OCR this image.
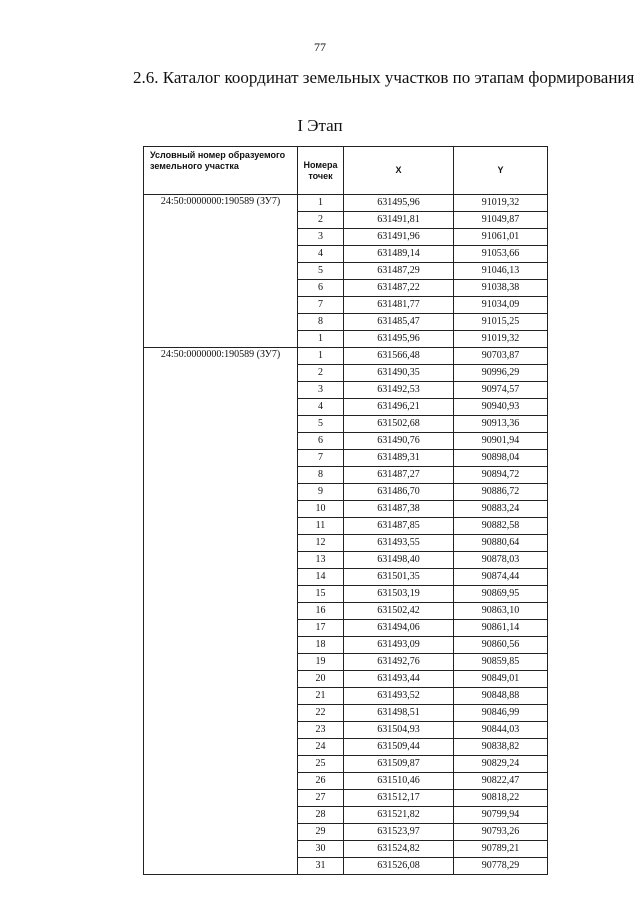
77
2.6. Каталог координат земельных участков по этапам формирования
I Этап
Условный номер образуемого земельного участка	Номера точек	X	Y
24:50:0000000:190589 (ЗУ7)	1	631495,96	91019,32
	2	631491,81	91049,87
	3	631491,96	91061,01
	4	631489,14	91053,66
	5	631487,29	91046,13
	6	631487,22	91038,38
	7	631481,77	91034,09
	8	631485,47	91015,25
	1	631495,96	91019,32
24:50:0000000:190589 (ЗУ7)	1	631566,48	90703,87
	2	631490,35	90996,29
	3	631492,53	90974,57
	4	631496,21	90940,93
	5	631502,68	90913,36
	6	631490,76	90901,94
	7	631489,31	90898,04
	8	631487,27	90894,72
	9	631486,70	90886,72
	10	631487,38	90883,24
	11	631487,85	90882,58
	12	631493,55	90880,64
	13	631498,40	90878,03
	14	631501,35	90874,44
	15	631503,19	90869,95
	16	631502,42	90863,10
	17	631494,06	90861,14
	18	631493,09	90860,56
	19	631492,76	90859,85
	20	631493,44	90849,01
	21	631493,52	90848,88
	22	631498,51	90846,99
	23	631504,93	90844,03
	24	631509,44	90838,82
	25	631509,87	90829,24
	26	631510,46	90822,47
	27	631512,17	90818,22
	28	631521,82	90799,94
	29	631523,97	90793,26
	30	631524,82	90789,21
	31	631526,08	90778,29
